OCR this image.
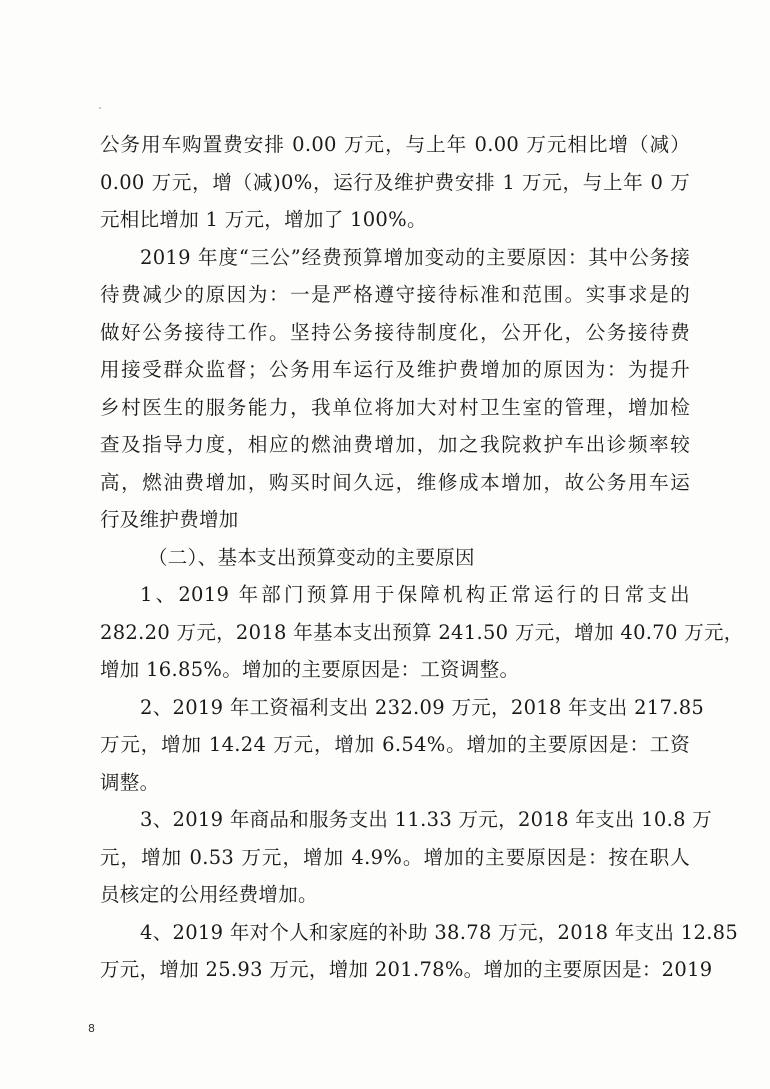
公务用车购置费安排 0.00 万元，与上年 0.00 万元相比增（减）
0.00 万元，增（减)0%，运行及维护费安排 1 万元，与上年 0 万
元相比增加 1 万元，增加了 100%。
2019 年度“三公”经费预算增加变动的主要原因：其中公务接
待费减少的原因为：一是严格遵守接待标准和范围。实事求是的
做好公务接待工作。坚持公务接待制度化，公开化，公务接待费
用接受群众监督；公务用车运行及维护费增加的原因为：为提升
乡村医生的服务能力，我单位将加大对村卫生室的管理，增加检
查及指导力度，相应的燃油费增加，加之我院救护车出诊频率较
高，燃油费增加，购买时间久远，维修成本增加，故公务用车运
行及维护费增加
（二）、基本支出预算变动的主要原因
1、2019 年部门预算用于保障机构正常运行的日常支出
282.20 万元，2018 年基本支出预算 241.50 万元，增加 40.70 万元，
增加 16.85%。增加的主要原因是：工资调整。
2、2019 年工资福利支出 232.09 万元，2018 年支出 217.85
万元，增加 14.24 万元，增加 6.54%。增加的主要原因是：工资
调整。
3、2019 年商品和服务支出 11.33 万元，2018 年支出 10.8 万
元，增加 0.53 万元，增加 4.9%。增加的主要原因是：按在职人
员核定的公用经费增加。
4、2019 年对个人和家庭的补助 38.78 万元，2018 年支出 12.85
万元，增加 25.93 万元，增加 201.78%。增加的主要原因是：2019
8
